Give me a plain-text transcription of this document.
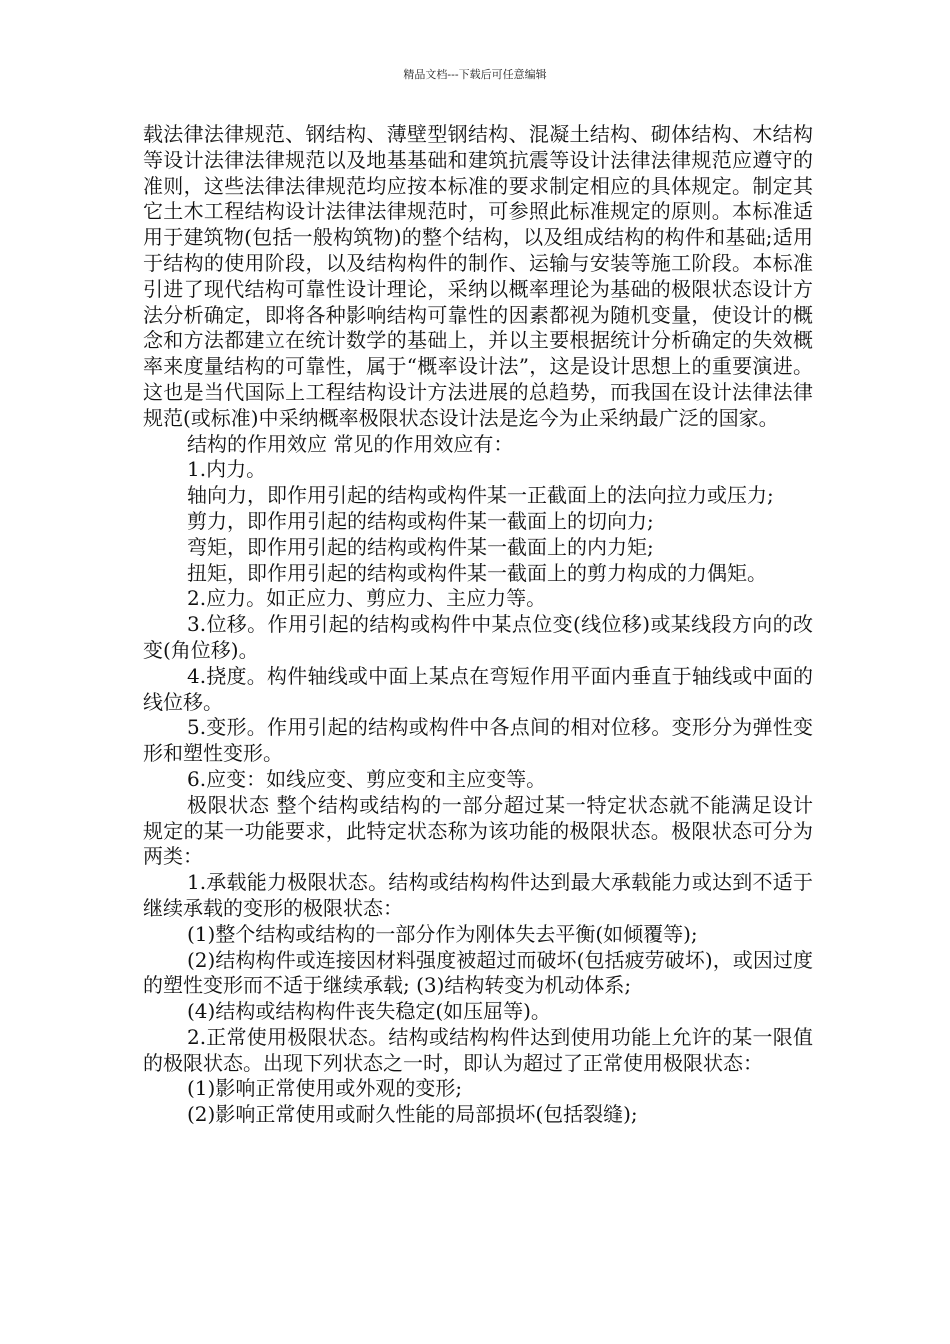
精品文档---下载后可任意编辑

载法律法律规范、钢结构、薄壁型钢结构、混凝土结构、砌体结构、木结构等设计法律法律规范以及地基基础和建筑抗震等设计法律法律规范应遵守的准则，这些法律法律规范均应按本标准的要求制定相应的具体规定。制定其它土木工程结构设计法律法律规范时，可参照此标准规定的原则。本标准适用于建筑物(包括一般构筑物)的整个结构，以及组成结构的构件和基础;适用于结构的使用阶段，以及结构构件的制作、运输与安装等施工阶段。本标准引进了现代结构可靠性设计理论，采纳以概率理论为基础的极限状态设计方法分析确定，即将各种影响结构可靠性的因素都视为随机变量，使设计的概念和方法都建立在统计数学的基础上，并以主要根据统计分析确定的失效概率来度量结构的可靠性，属于“概率设计法”，这是设计思想上的重要演进。这也是当代国际上工程结构设计方法进展的总趋势，而我国在设计法律法律规范(或标准)中采纳概率极限状态设计法是迄今为止采纳最广泛的国家。

结构的作用效应 常见的作用效应有：

1.内力。

轴向力，即作用引起的结构或构件某一正截面上的法向拉力或压力;

剪力，即作用引起的结构或构件某一截面上的切向力;

弯矩，即作用引起的结构或构件某一截面上的内力矩;

扭矩，即作用引起的结构或构件某一截面上的剪力构成的力偶矩。

2.应力。如正应力、剪应力、主应力等。

3.位移。作用引起的结构或构件中某点位变(线位移)或某线段方向的改变(角位移)。

4.挠度。构件轴线或中面上某点在弯短作用平面内垂直于轴线或中面的线位移。

5.变形。作用引起的结构或构件中各点间的相对位移。变形分为弹性变形和塑性变形。

6.应变：如线应变、剪应变和主应变等。

极限状态 整个结构或结构的一部分超过某一特定状态就不能满足设计规定的某一功能要求，此特定状态称为该功能的极限状态。极限状态可分为两类：

1.承载能力极限状态。结构或结构构件达到最大承载能力或达到不适于继续承载的变形的极限状态：

(1)整个结构或结构的一部分作为刚体失去平衡(如倾覆等);

(2)结构构件或连接因材料强度被超过而破坏(包括疲劳破坏)，或因过度的塑性变形而不适于继续承载; (3)结构转变为机动体系;

(4)结构或结构构件丧失稳定(如压屈等)。

2.正常使用极限状态。结构或结构构件达到使用功能上允许的某一限值的极限状态。出现下列状态之一时，即认为超过了正常使用极限状态：

(1)影响正常使用或外观的变形;

(2)影响正常使用或耐久性能的局部损坏(包括裂缝);
